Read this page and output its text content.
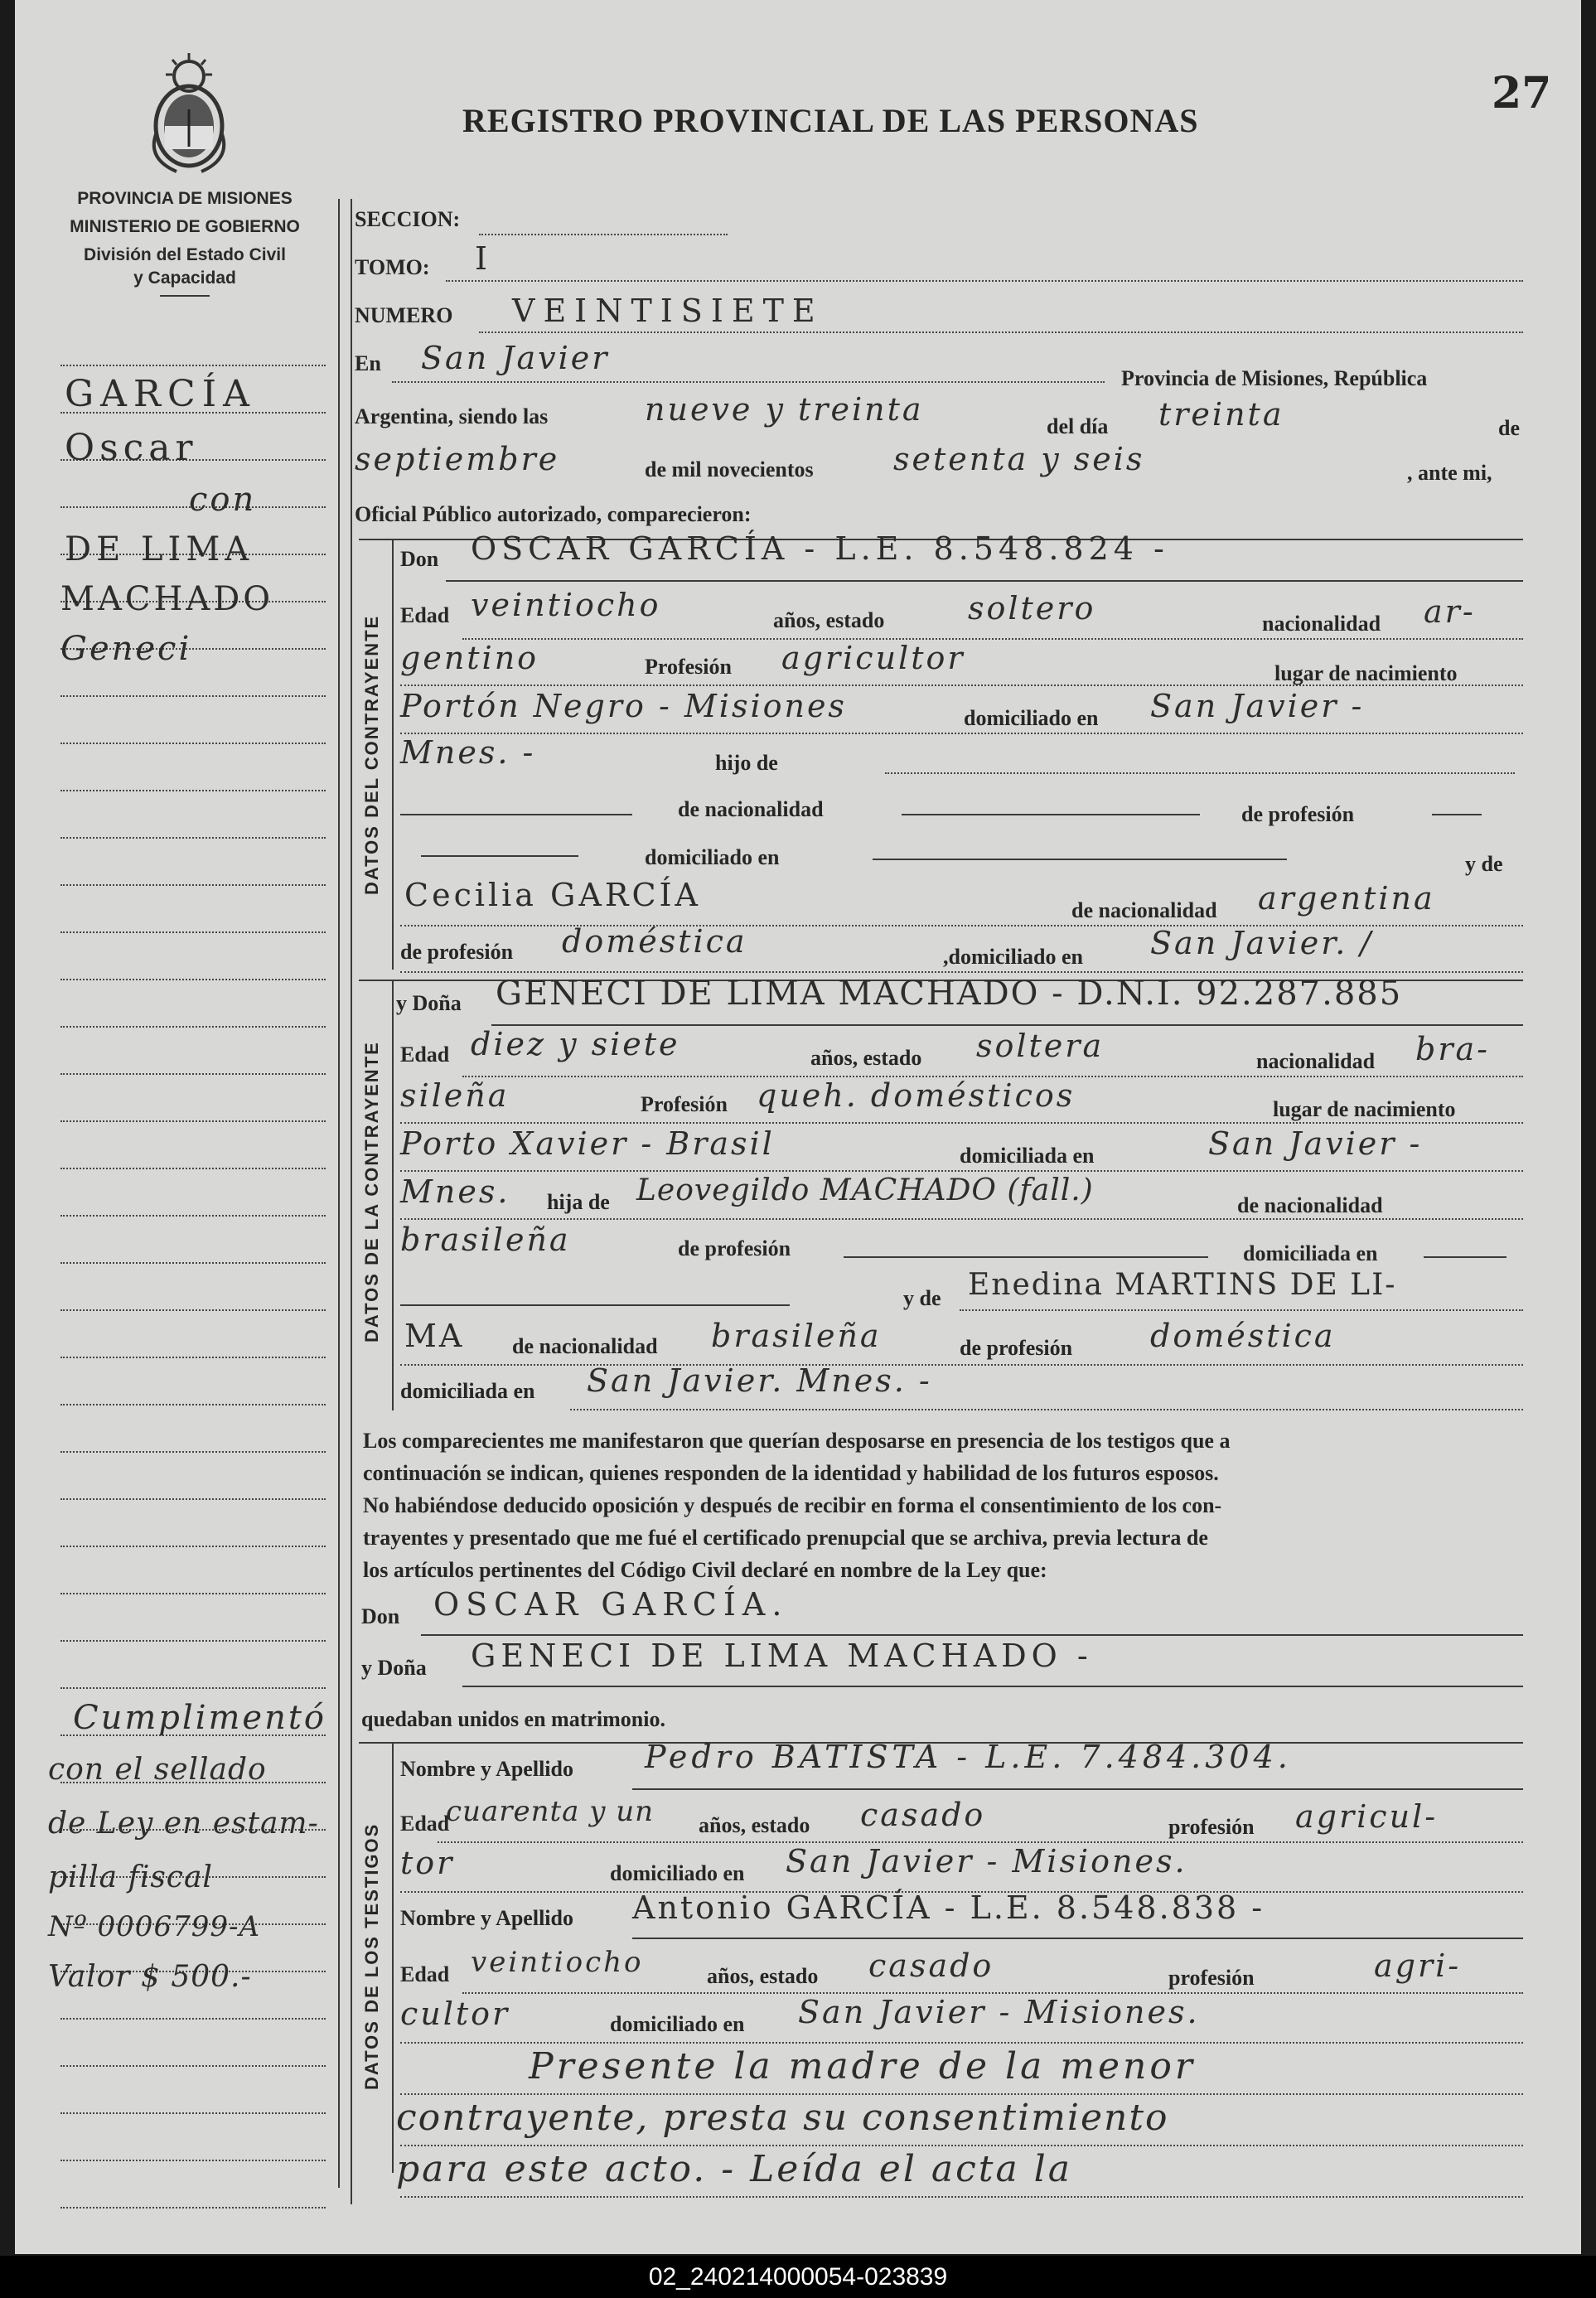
PROVINCIA DE MISIONES
MINISTERIO DE GOBIERNO
División del Estado Civil
y Capacidad
REGISTRO PROVINCIAL DE LAS PERSONAS
27
GARCÍA
Oscar
con
DE LIMA
MACHADO
Geneci
Cumplimentó
con el sellado
de Ley en estam-
pilla fiscal
Nº 0006799-A
Valor $ 500.-
SECCION:
TOMO: I
NUMERO VEINTISIETE
En San Javier
Provincia de Misiones, República
Argentina, siendo las	nueve y treinta	del día treinta	de
septiembre	de mil novecientos	setenta y seis	, ante mi,
Oficial Público autorizado, comparecieron:
DATOS DEL CONTRAYENTE
Don OSCAR GARCÍA - L.E. 8.548.824 -
Edad veintiocho	años, estado	soltero	nacionalidad ar-
gentino	Profesión agricultor	lugar de nacimiento
Portón Negro - Misiones	domiciliado en San Javier -
Mnes. -	hijo de
de nacionalidad	de profesión
domiciliado en	y de
Cecilia GARCÍA	de nacionalidad argentina
de profesión doméstica	,domiciliado en San Javier. /
DATOS DE LA CONTRAYENTE
y Doña GENECI DE LIMA MACHADO - D.N.I. 92.287.885
Edad diez y siete	años, estado soltera	nacionalidad bra-
sileña	Profesión queh. domésticos	lugar de nacimiento
Porto Xavier - Brasil	domiciliada en	San Javier -
Mnes. hija de Leovegildo MACHADO (fall.)	de nacionalidad
brasileña	de profesión	domiciliada en
y de Enedina MARTINS DE LI-
MA de nacionalidad brasileña	de profesión doméstica
domiciliada en San Javier. Mnes. -
Los comparecientes me manifestaron que querían desposarse en presencia de los testigos que a
continuación se indican, quienes responden de la identidad y habilidad de los futuros esposos.
No habiéndose deducido oposición y después de recibir en forma el consentimiento de los con-
trayentes y presentado que me fué el certificado prenupcial que se archiva, previa lectura de
los artículos pertinentes del Código Civil declaré en nombre de la Ley que:
Don OSCAR GARCÍA.
y Doña GENECI DE LIMA MACHADO -
quedaban unidos en matrimonio.
DATOS DE LOS TESTIGOS
Nombre y Apellido Pedro BATISTA - L.E. 7.484.304.
Edad
cuarenta y un años, estado casado	profesión agricul-
tor	domiciliado en San Javier - Misiones.
Nombre y Apellido Antonio GARCÍA - L.E. 8.548.838 -
Edad veintiocho	años, estado casado	profesión	agri-
cultor	domiciliado en San Javier - Misiones.
Presente la madre de la menor
contrayente, presta su consentimiento
para este acto. - Leída el acta la
02_240214000054-023839
